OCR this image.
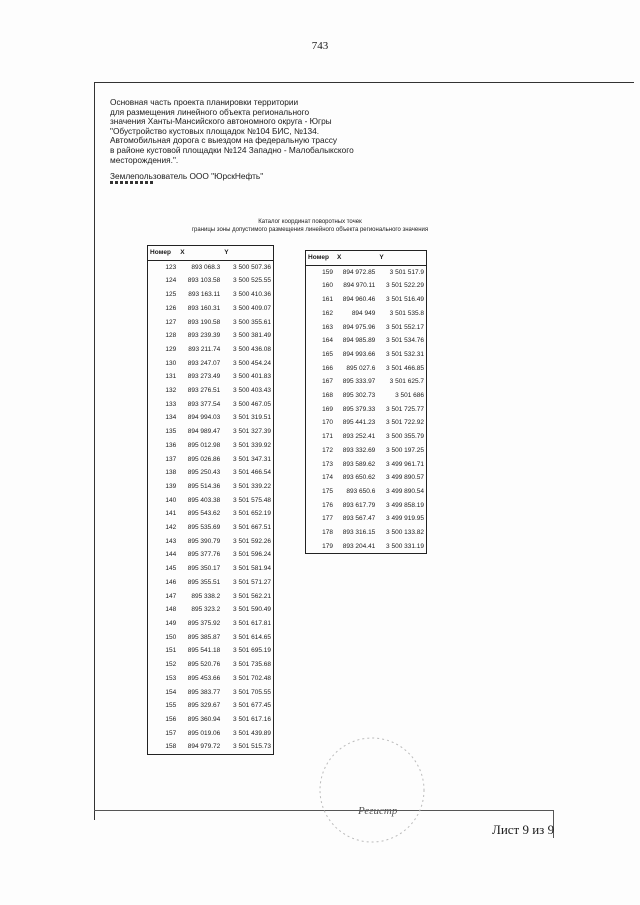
743
Основная часть проекта планировки территории
для размещения линейного объекта регионального
значения Ханты-Мансийского автономного округа - Югры
"Обустройство кустовых площадок №104 БИС, №134.
Автомобильная дорога с выездом на федеральную трассу
в районе кустовой площадки №124 Западно - Малобалыкского
месторождения.".
Землепользователь ООО "ЮрскНефть"
Каталог координат поворотных точек
границы зоны допустимого размещения линейного объекта регионального значения
Номер	X	Y
123	893 068.3	3 500 507.36
124	893 103.58	3 500 525.55
125	893 163.11	3 500 410.36
126	893 160.31	3 500 409.07
127	893 190.58	3 500 355.61
128	893 239.39	3 500 381.49
129	893 211.74	3 500 436.08
130	893 247.07	3 500 454.24
131	893 273.49	3 500 401.83
132	893 276.51	3 500 403.43
133	893 377.54	3 500 467.05
134	894 994.03	3 501 319.51
135	894 989.47	3 501 327.39
136	895 012.98	3 501 339.92
137	895 026.86	3 501 347.31
138	895 250.43	3 501 466.54
139	895 514.36	3 501 339.22
140	895 403.38	3 501 575.48
141	895 543.62	3 501 652.19
142	895 535.69	3 501 667.51
143	895 390.79	3 501 592.26
144	895 377.76	3 501 596.24
145	895 350.17	3 501 581.94
146	895 355.51	3 501 571.27
147	895 338.2	3 501 562.21
148	895 323.2	3 501 590.49
149	895 375.92	3 501 617.81
150	895 385.87	3 501 614.65
151	895 541.18	3 501 695.19
152	895 520.76	3 501 735.68
153	895 453.66	3 501 702.48
154	895 383.77	3 501 705.55
155	895 329.67	3 501 677.45
156	895 360.94	3 501 617.16
157	895 019.06	3 501 439.89
158	894 979.72	3 501 515.73
Номер	X	Y
159	894 972.85	3 501 517.9
160	894 970.11	3 501 522.29
161	894 960.46	3 501 516.49
162	894 949	3 501 535.8
163	894 975.96	3 501 552.17
164	894 985.89	3 501 534.76
165	894 993.66	3 501 532.31
166	895 027.6	3 501 466.85
167	895 333.97	3 501 625.7
168	895 302.73	3 501 686
169	895 379.33	3 501 725.77
170	895 441.23	3 501 722.92
171	893 252.41	3 500 355.79
172	893 332.69	3 500 197.25
173	893 589.62	3 499 961.71
174	893 650.62	3 499 890.57
175	893 650.6	3 499 890.54
176	893 617.79	3 499 858.19
177	893 567.47	3 499 919.95
178	893 316.15	3 500 133.82
179	893 204.41	3 500 331.19
Регистр
Лист 9 из 9
